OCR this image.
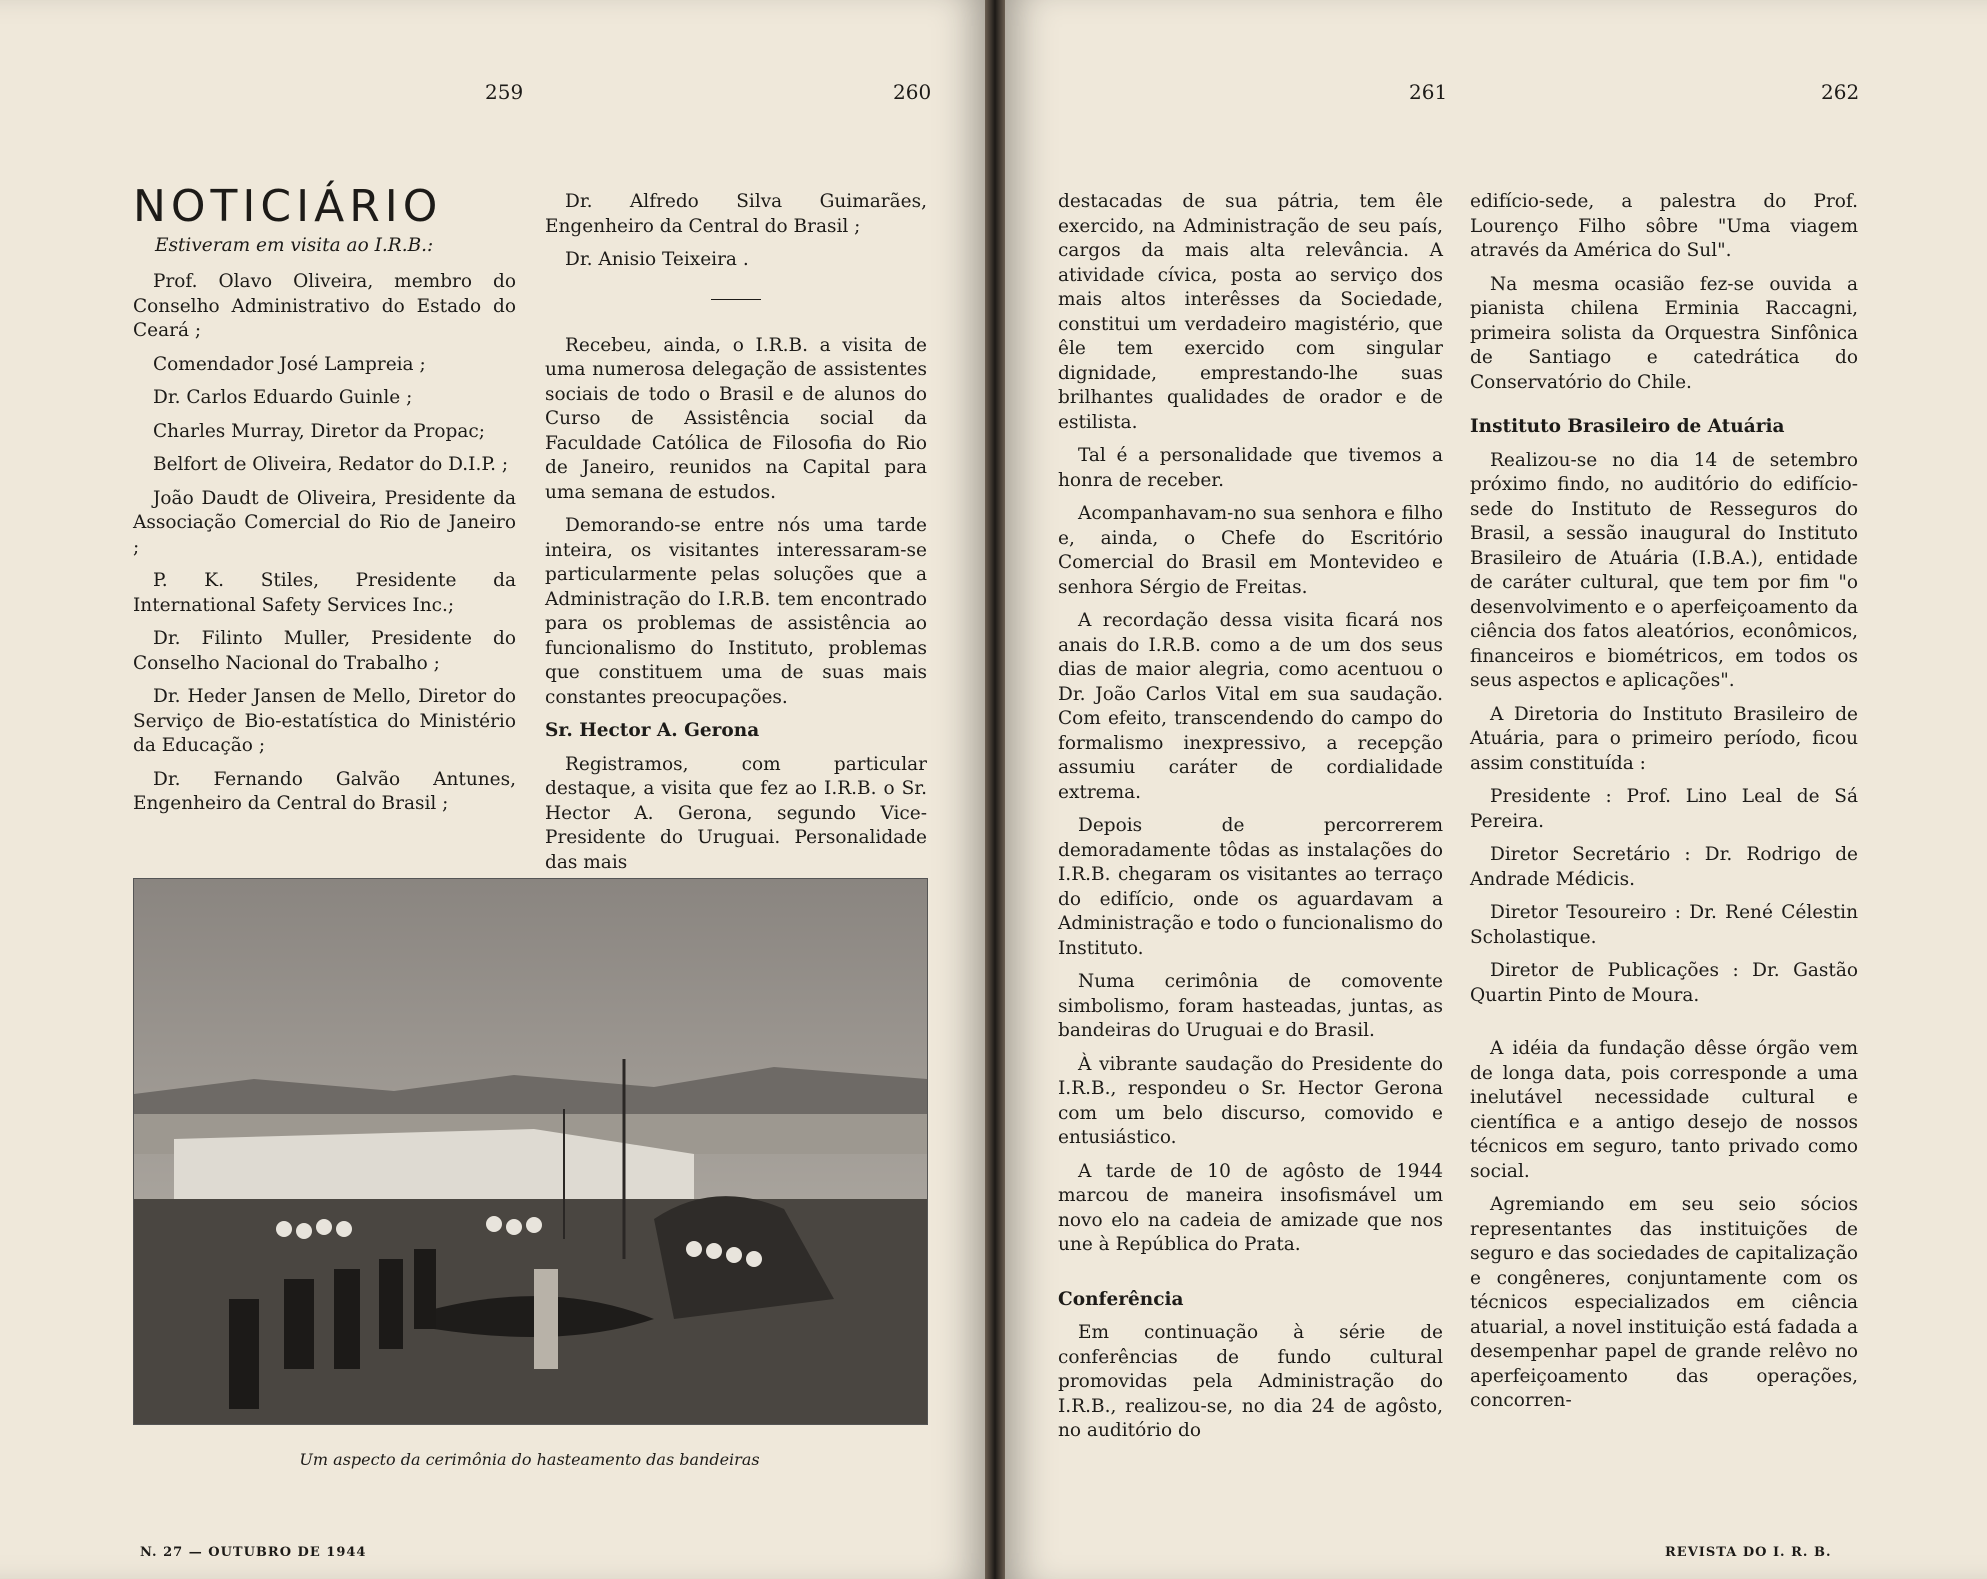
259	260
NOTICIÁRIO
Estiveram em visita ao I.R.B.:

Prof. Olavo Oliveira, membro do Conselho Administrativo do Estado do Ceará ;

Comendador José Lampreia ;

Dr. Carlos Eduardo Guinle ;

Charles Murray, Diretor da Propac;

Belfort de Oliveira, Redator do D.I.P. ;

João Daudt de Oliveira, Presidente da Associação Comercial do Rio de Janeiro ;

P. K. Stiles, Presidente da International Safety Services Inc.;

Dr. Filinto Muller, Presidente do Conselho Nacional do Trabalho ;

Dr. Heder Jansen de Mello, Diretor do Serviço de Bio-estatística do Ministério da Educação ;

Dr. Fernando Galvão Antunes, Engenheiro da Central do Brasil ;

Dr. Alfredo Silva Guimarães, Engenheiro da Central do Brasil ;

Dr. Anisio Teixeira .

Recebeu, ainda, o I.R.B. a visita de uma numerosa delegação de assistentes sociais de todo o Brasil e de alunos do Curso de Assistência social da Faculdade Católica de Filosofia do Rio de Janeiro, reunidos na Capital para uma semana de estudos.

Demorando-se entre nós uma tarde inteira, os visitantes interessaram-se particularmente pelas soluções que a Administração do I.R.B. tem encontrado para os problemas de assistência ao funcionalismo do Instituto, problemas que constituem uma de suas mais constantes preocupações.

Sr. Hector A. Gerona

Registramos, com particular destaque, a visita que fez ao I.R.B. o Sr. Hector A. Gerona, segundo Vice-Presidente do Uruguai. Personalidade das mais

Um aspecto da cerimônia do hasteamento das bandeiras
N. 27 — OUTUBRO DE 1944
261	262

destacadas de sua pátria, tem êle exercido, na Administração de seu país, cargos da mais alta relevância. A atividade cívica, posta ao serviço dos mais altos interêsses da Sociedade, constitui um verdadeiro magistério, que êle tem exercido com singular dignidade, emprestando-lhe suas brilhantes qualidades de orador e de estilista.

Tal é a personalidade que tivemos a honra de receber.

Acompanhavam-no sua senhora e filho e, ainda, o Chefe do Escritório Comercial do Brasil em Montevideo e senhora Sérgio de Freitas.

A recordação dessa visita ficará nos anais do I.R.B. como a de um dos seus dias de maior alegria, como acentuou o Dr. João Carlos Vital em sua saudação. Com efeito, transcendendo do campo do formalismo inexpressivo, a recepção assumiu caráter de cordialidade extrema.

Depois de percorrerem demoradamente tôdas as instalações do I.R.B. chegaram os visitantes ao terraço do edifício, onde os aguardavam a Administração e todo o funcionalismo do Instituto.

Numa cerimônia de comovente simbolismo, foram hasteadas, juntas, as bandeiras do Uruguai e do Brasil.

À vibrante saudação do Presidente do I.R.B., respondeu o Sr. Hector Gerona com um belo discurso, comovido e entusiástico.

A tarde de 10 de agôsto de 1944 marcou de maneira insofismável um novo elo na cadeia de amizade que nos une à República do Prata.

Conferência

Em continuação à série de conferências de fundo cultural promovidas pela Administração do I.R.B., realizou-se, no dia 24 de agôsto, no auditório do

edifício-sede, a palestra do Prof. Lourenço Filho sôbre "Uma viagem através da América do Sul".

Na mesma ocasião fez-se ouvida a pianista chilena Erminia Raccagni, primeira solista da Orquestra Sinfônica de Santiago e catedrática do Conservatório do Chile.

Instituto Brasileiro de Atuária

Realizou-se no dia 14 de setembro próximo findo, no auditório do edifício-sede do Instituto de Resseguros do Brasil, a sessão inaugural do Instituto Brasileiro de Atuária (I.B.A.), entidade de caráter cultural, que tem por fim "o desenvolvimento e o aperfeiçoamento da ciência dos fatos aleatórios, econômicos, financeiros e biométricos, em todos os seus aspectos e aplicações".

A Diretoria do Instituto Brasileiro de Atuária, para o primeiro período, ficou assim constituída :

Presidente : Prof. Lino Leal de Sá Pereira.

Diretor Secretário : Dr. Rodrigo de Andrade Médicis.

Diretor Tesoureiro : Dr. René Célestin Scholastique.

Diretor de Publicações : Dr. Gastão Quartin Pinto de Moura.

A idéia da fundação dêsse órgão vem de longa data, pois corresponde a uma inelutável necessidade cultural e científica e a antigo desejo de nossos técnicos em seguro, tanto privado como social.

Agremiando em seu seio sócios representantes das instituições de seguro e das sociedades de capitalização e congêneres, conjuntamente com os técnicos especializados em ciência atuarial, a novel instituição está fadada a desempenhar papel de grande relêvo no aperfeiçoamento das operações, concorren-

REVISTA DO I. R. B.
